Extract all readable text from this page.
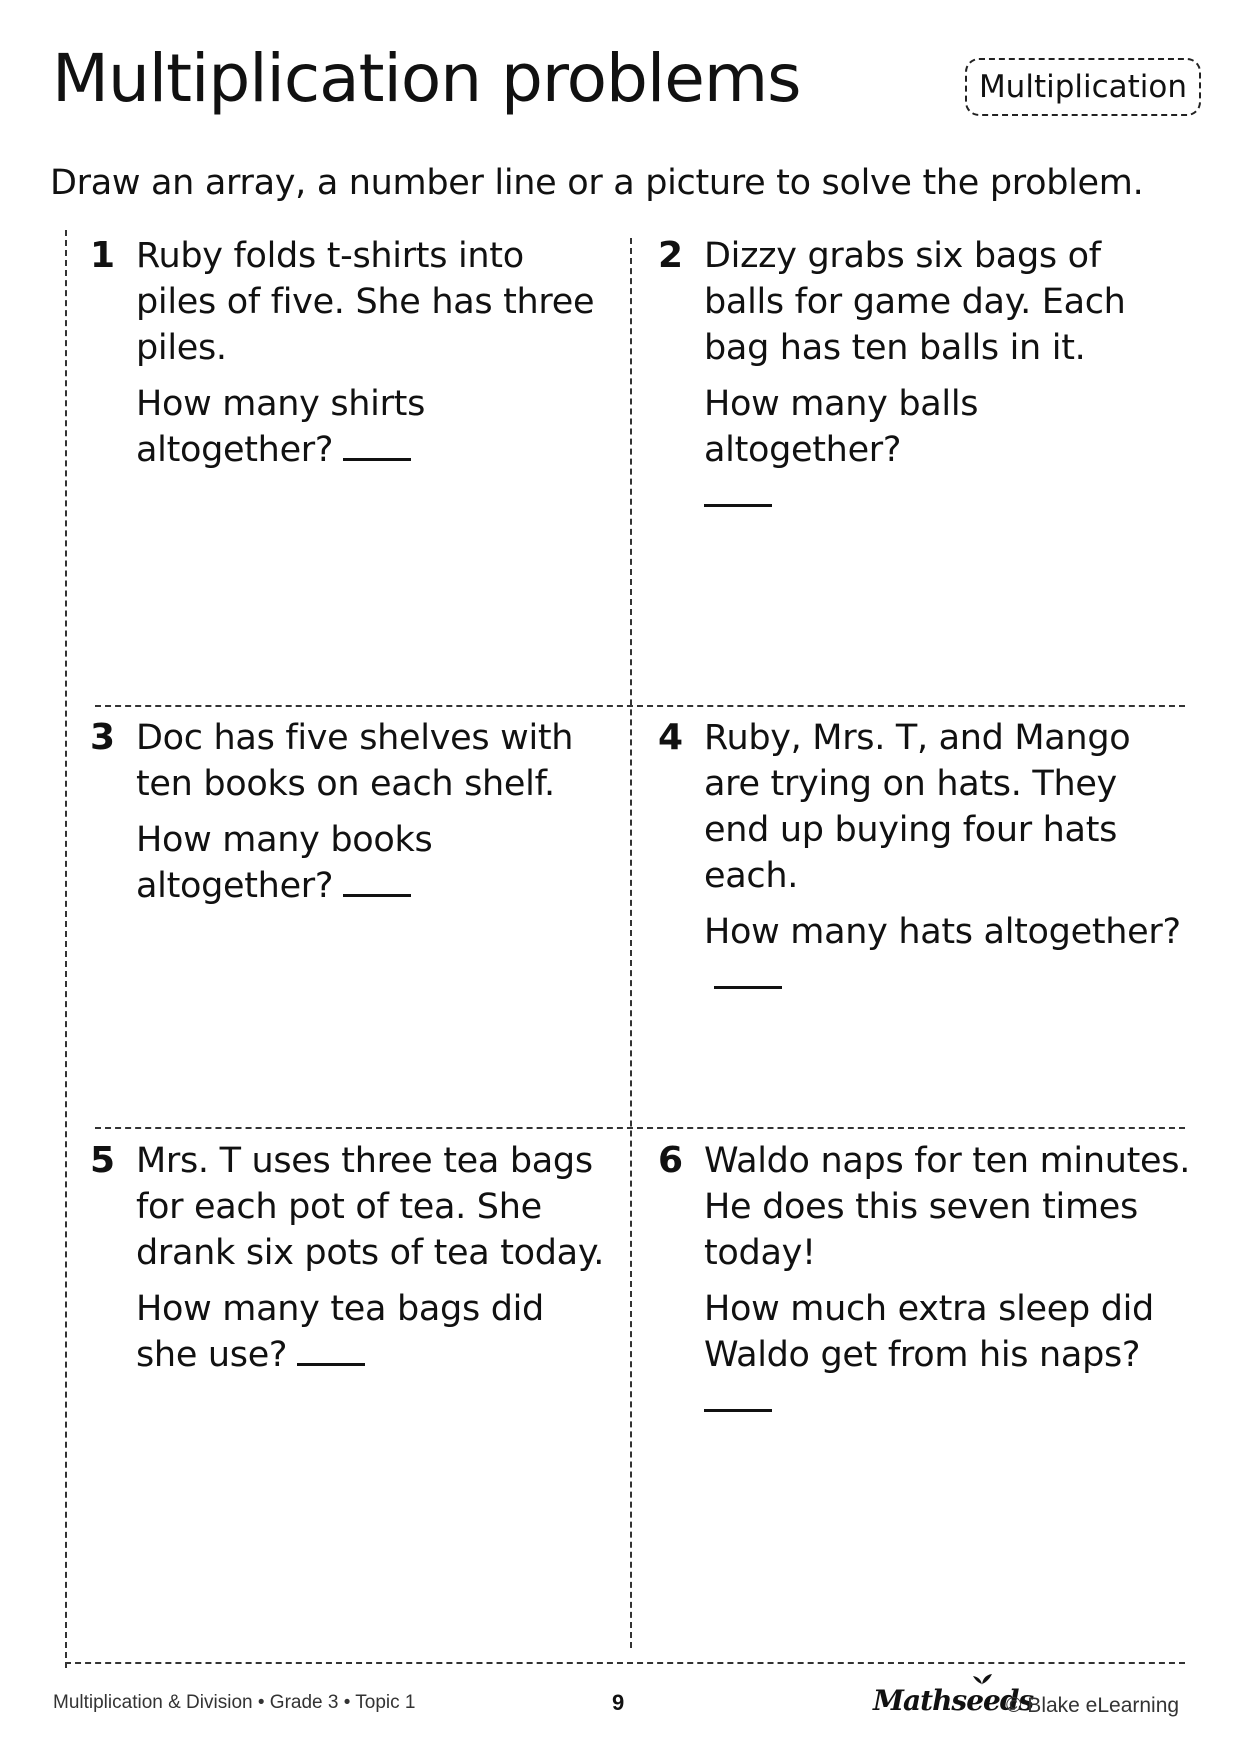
Multiplication problems	Multiplication
Draw an array, a number line or a picture to solve the problem.
1 Ruby folds t-shirts into piles of five. She has three piles.
How many shirts altogether?
2 Dizzy grabs six bags of balls for game day. Each bag has ten balls in it.
How many balls altogether?

3 Doc has five shelves with ten books on each shelf.
How many books altogether?
4 Ruby, Mrs. T, and Mango are trying on hats. They end up buying four hats each.
How many hats altogether?
5 Mrs. T uses three tea bags for each pot of tea. She drank six pots of tea today.
How many tea bags did she use?
6 Waldo naps for ten minutes. He does this seven times today!
How much extra sleep did Waldo get from his naps?

Multiplication & Division • Grade 3 • Topic 1	9	Mathseeds
© Blake eLearning
